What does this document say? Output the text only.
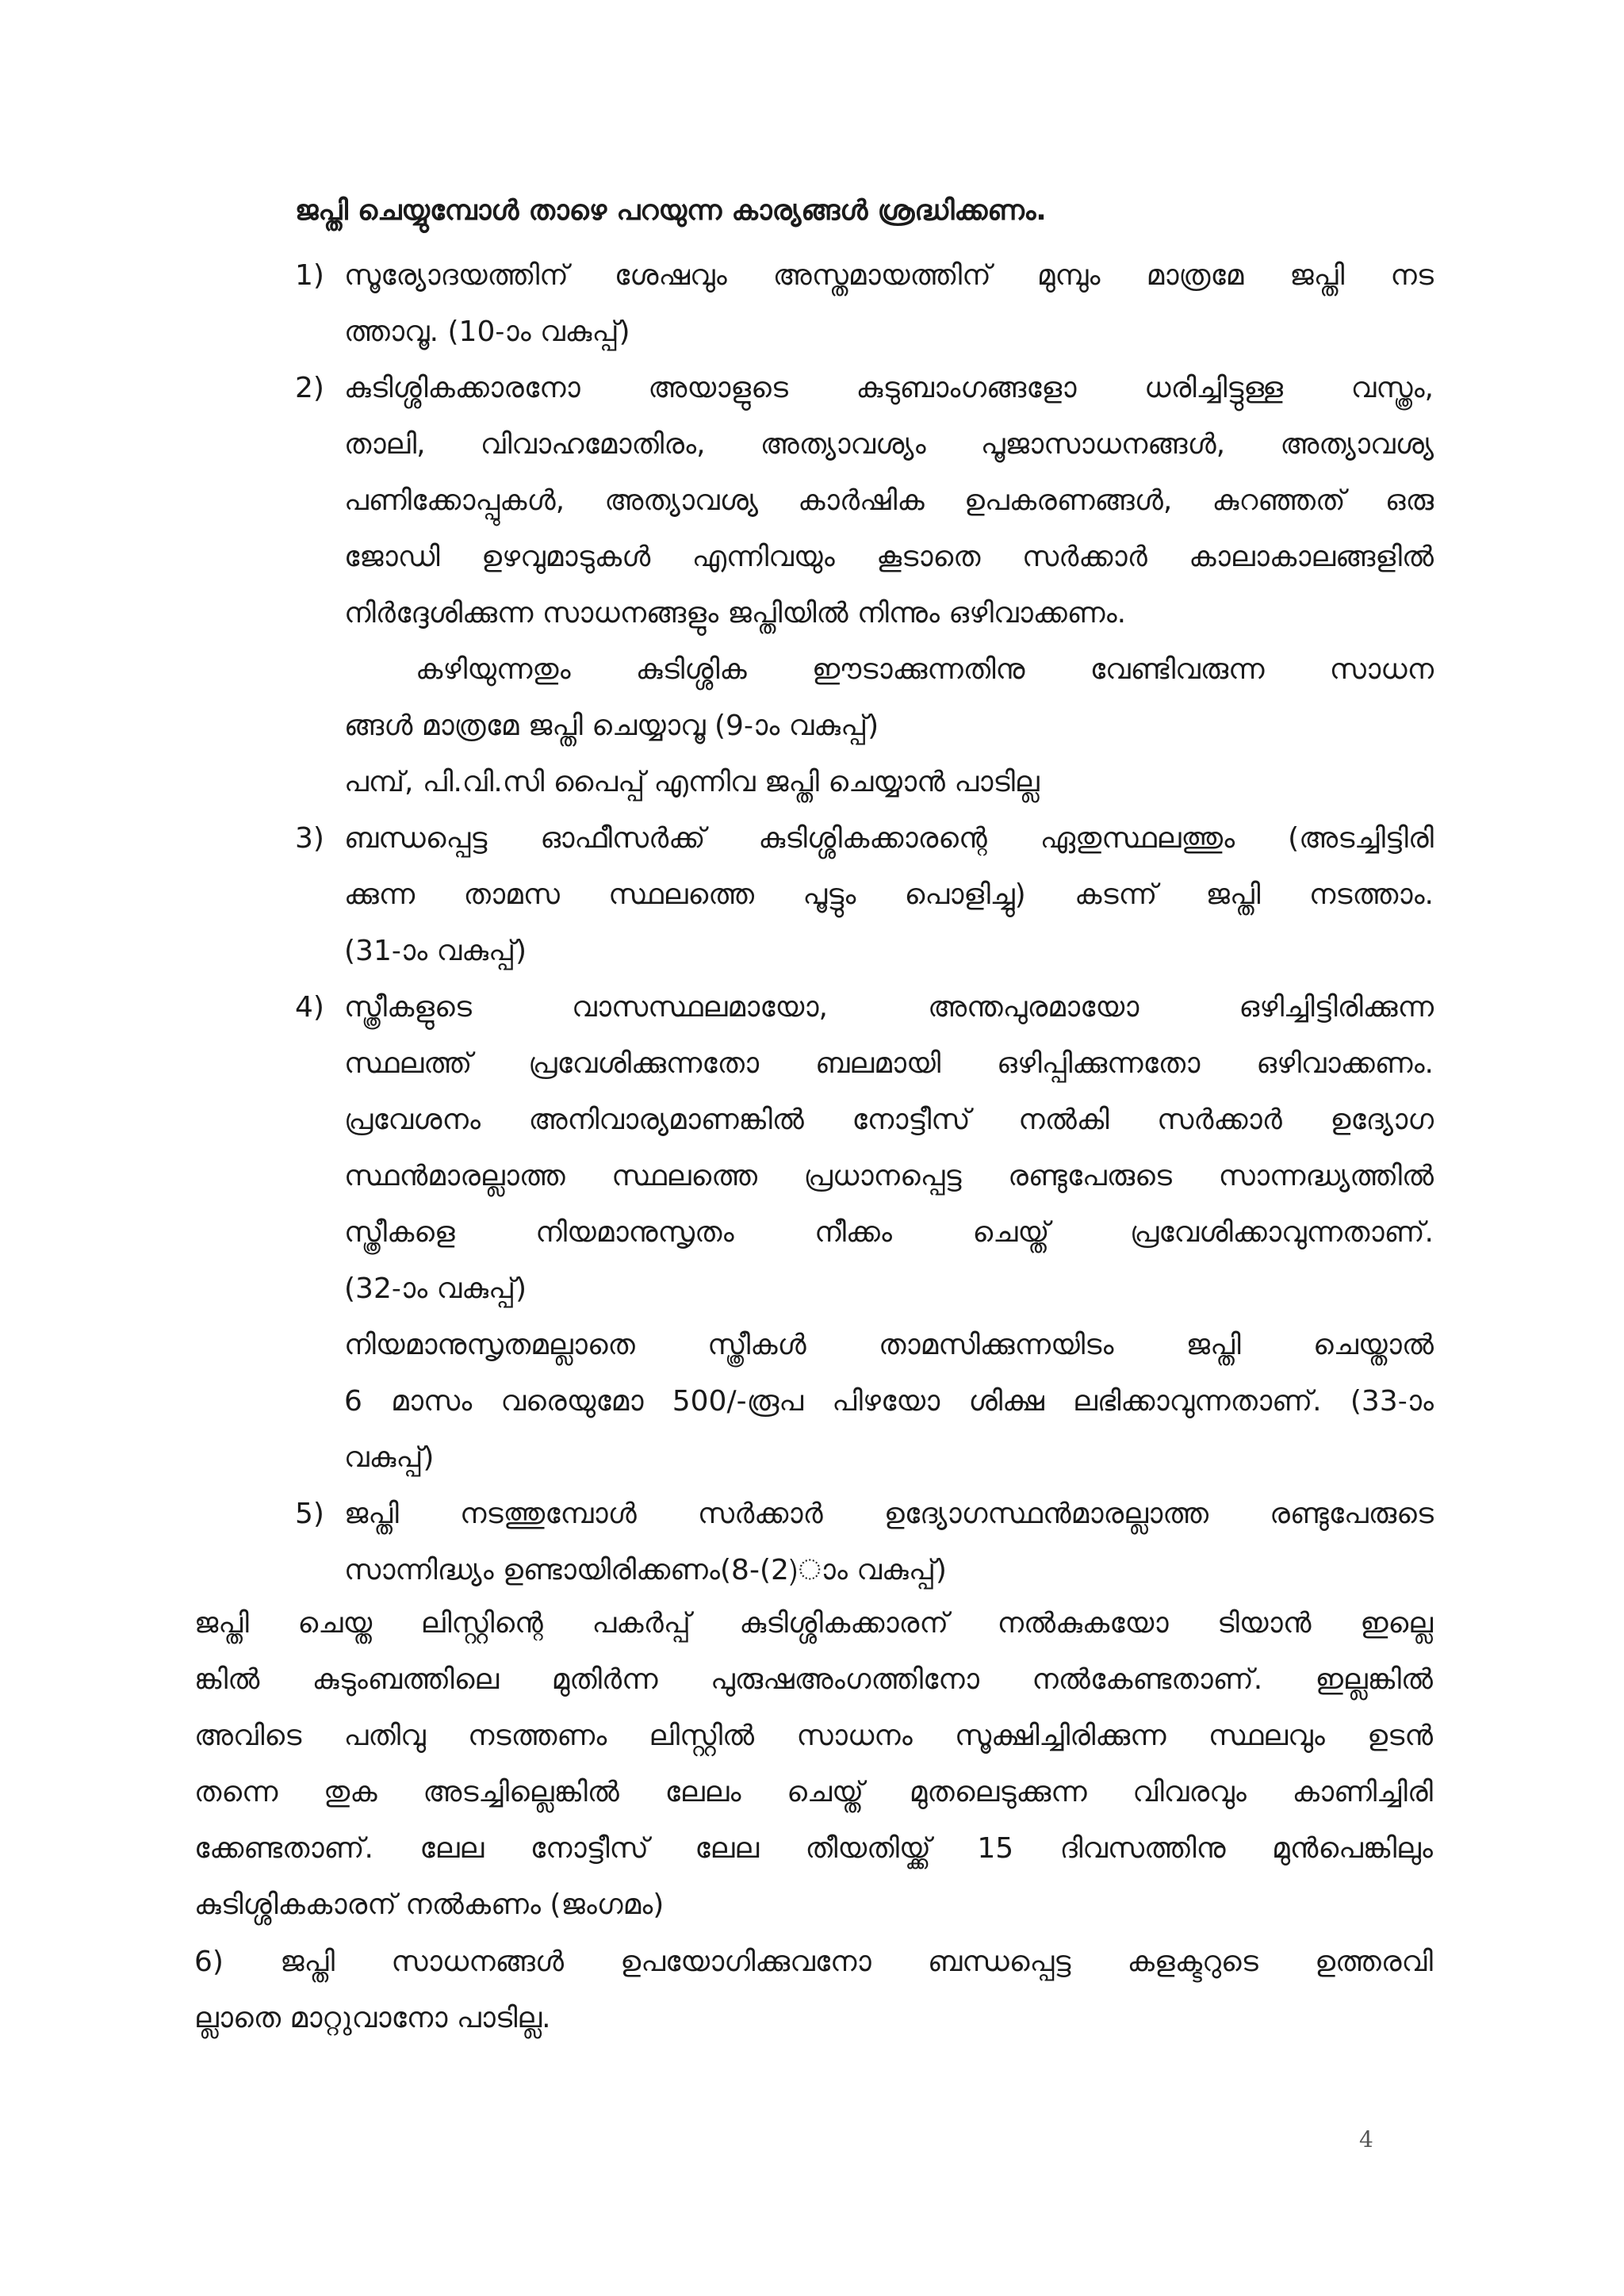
ജപ്തി ചെയ്യുമ്പോൾ താഴെ പറയുന്ന കാര്യങ്ങൾ ശ്രദ്ധിക്കണം.
1) സൂര്യോദയത്തിന് ശേഷവും അസ്തമായത്തിന് മുമ്പും മാത്രമേ ജപ്തി നട
ത്താവൂ. (10-ാം വകുപ്പ്)
2) കുടിശ്ശികക്കാരനോ അയാളുടെ കുടുബാംഗങ്ങളോ ധരിച്ചിട്ടുള്ള വസ്ത്രം,
താലി, വിവാഹമോതിരം, അത്യാവശ്യം പൂജാസാധനങ്ങൾ, അത്യാവശ്യ
പണിക്കോപ്പുകൾ, അത്യാവശ്യ കാർഷിക ഉപകരണങ്ങൾ, കുറഞ്ഞത് ഒരു
ജോഡി ഉഴവുമാടുകൾ എന്നിവയും കൂടാതെ സർക്കാർ കാലാകാലങ്ങളിൽ
നിർദ്ദേശിക്കുന്ന സാധനങ്ങളും ജപ്തിയിൽ നിന്നും ഒഴിവാക്കണം.
കഴിയുന്നതും കുടിശ്ശിക ഈടാക്കുന്നതിനു വേണ്ടിവരുന്ന സാധന
ങ്ങൾ മാത്രമേ ജപ്തി ചെയ്യാവൂ (9-ാം വകുപ്പ്)
പമ്പ്, പി.വി.സി പൈപ്പ് എന്നിവ ജപ്തി ചെയ്യാൻ പാടില്ല
3) ബന്ധപ്പെട്ട ഓഫീസർക്ക് കുടിശ്ശികക്കാരന്റെ ഏതുസ്ഥലത്തും (അടച്ചിട്ടിരി
ക്കുന്ന താമസ സ്ഥലത്തെ പൂട്ടും പൊളിച്ചു) കടന്ന് ജപ്തി നടത്താം.
(31-ാം വകുപ്പ്)
4) സ്ത്രീകളുടെ വാസസ്ഥലമായോ, അന്തപുരമായോ ഒഴിച്ചിട്ടിരിക്കുന്ന
സ്ഥലത്ത് പ്രവേശിക്കുന്നതോ ബലമായി ഒഴിപ്പിക്കുന്നതോ ഒഴിവാക്കണം.
പ്രവേശനം അനിവാര്യമാണങ്കിൽ നോട്ടീസ് നൽകി സർക്കാർ ഉദ്യോഗ
സ്ഥൻമാരല്ലാത്ത സ്ഥലത്തെ പ്രധാനപ്പെട്ട രണ്ടുപേരുടെ സാന്നദ്ധ്യത്തിൽ
സ്ത്രീകളെ നിയമാനുസൃതം നീക്കം ചെയ്ത് പ്രവേശിക്കാവുന്നതാണ്.
(32-ാം വകുപ്പ്)
നിയമാനുസൃതമല്ലാതെ സ്ത്രീകൾ താമസിക്കുന്നയിടം ജപ്തി ചെയ്താൽ
6 മാസം വരെയുമോ 500/-രൂപ പിഴയോ ശിക്ഷ ലഭിക്കാവുന്നതാണ്. (33-ാം
വകുപ്പ്)
5) ജപ്തി നടത്തുമ്പോൾ സർക്കാർ ഉദ്യോഗസ്ഥൻമാരല്ലാത്ത രണ്ടുപേരുടെ
സാന്നിദ്ധ്യം ഉണ്ടായിരിക്കണം(8-(2)ാം വകുപ്പ്)
ജപ്തി ചെയ്ത ലിസ്റ്റിന്റെ പകർപ്പ് കുടിശ്ശികക്കാരന് നൽകുകയോ ടിയാൻ ഇല്ലെ
ങ്കിൽ കുടുംബത്തിലെ മുതിർന്ന പുരുഷഅംഗത്തിനോ നൽകേണ്ടതാണ്. ഇല്ലങ്കിൽ
അവിടെ പതിവു നടത്തണം ലിസ്റ്റിൽ സാധനം സൂക്ഷിച്ചിരിക്കുന്ന സ്ഥലവും ഉടൻ
തന്നെ തുക അടച്ചില്ലെങ്കിൽ ലേലം ചെയ്ത് മുതലെടുക്കുന്ന വിവരവും കാണിച്ചിരി
ക്കേണ്ടതാണ്. ലേല നോട്ടീസ് ലേല തീയതിയ്ക്ക് 15 ദിവസത്തിനു മുൻപെങ്കിലും
കുടിശ്ശികകാരന് നൽകണം (ജംഗമം)
6) ജപ്തി സാധനങ്ങൾ ഉപയോഗിക്കുവനോ ബന്ധപ്പെട്ട കളക്ടറുടെ ഉത്തരവി
ല്ലാതെ മാറ്റുവാനോ പാടില്ല.
4
